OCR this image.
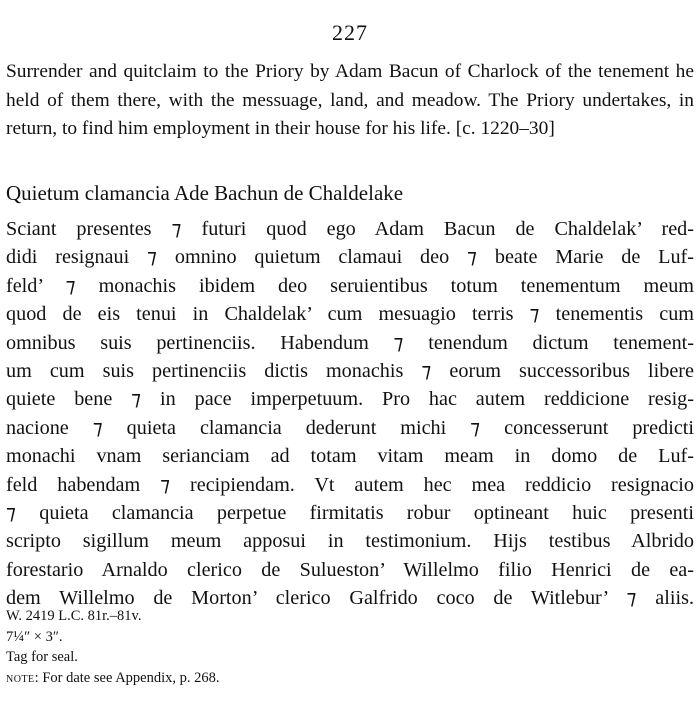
227
Surrender and quitclaim to the Priory by Adam Bacun of Charlock of the tenement he held of them there, with the messuage, land, and meadow. The Priory undertakes, in return, to find him employment in their house for his life. [c. 1220–30]
Quietum clamancia Ade Bachun de Chaldelake
Sciant presentes ⁊ futuri quod ego Adam Bacun de Chaldelak’ red-
didi resignaui ⁊ omnino quietum clamaui deo ⁊ beate Marie de Luf-
feld’ ⁊ monachis ibidem deo seruientibus totum tenementum meum
quod de eis tenui in Chaldelak’ cum mesuagio terris ⁊ tenementis cum
omnibus suis pertinenciis. Habendum ⁊ tenendum dictum tenement-
um cum suis pertinenciis dictis monachis ⁊ eorum successoribus libere
quiete bene ⁊ in pace imperpetuum. Pro hac autem reddicione resig-
nacione ⁊ quieta clamancia dederunt michi ⁊ concesserunt predicti
monachi vnam serianciam ad totam vitam meam in domo de Luf-
feld habendam ⁊ recipiendam. Vt autem hec mea reddicio resignacio
⁊ quieta clamancia perpetue firmitatis robur optineant huic presenti
scripto sigillum meum apposui in testimonium. Hijs testibus Albrido
forestario Arnaldo clerico de Sulueston’ Willelmo filio Henrici de ea-
dem Willelmo de Morton’ clerico Galfrido coco de Witlebur’ ⁊ aliis.
W. 2419 L.C. 81r.–81v.
7¼″ × 3″.
Tag for seal.
note: For date see Appendix, p. 268.
